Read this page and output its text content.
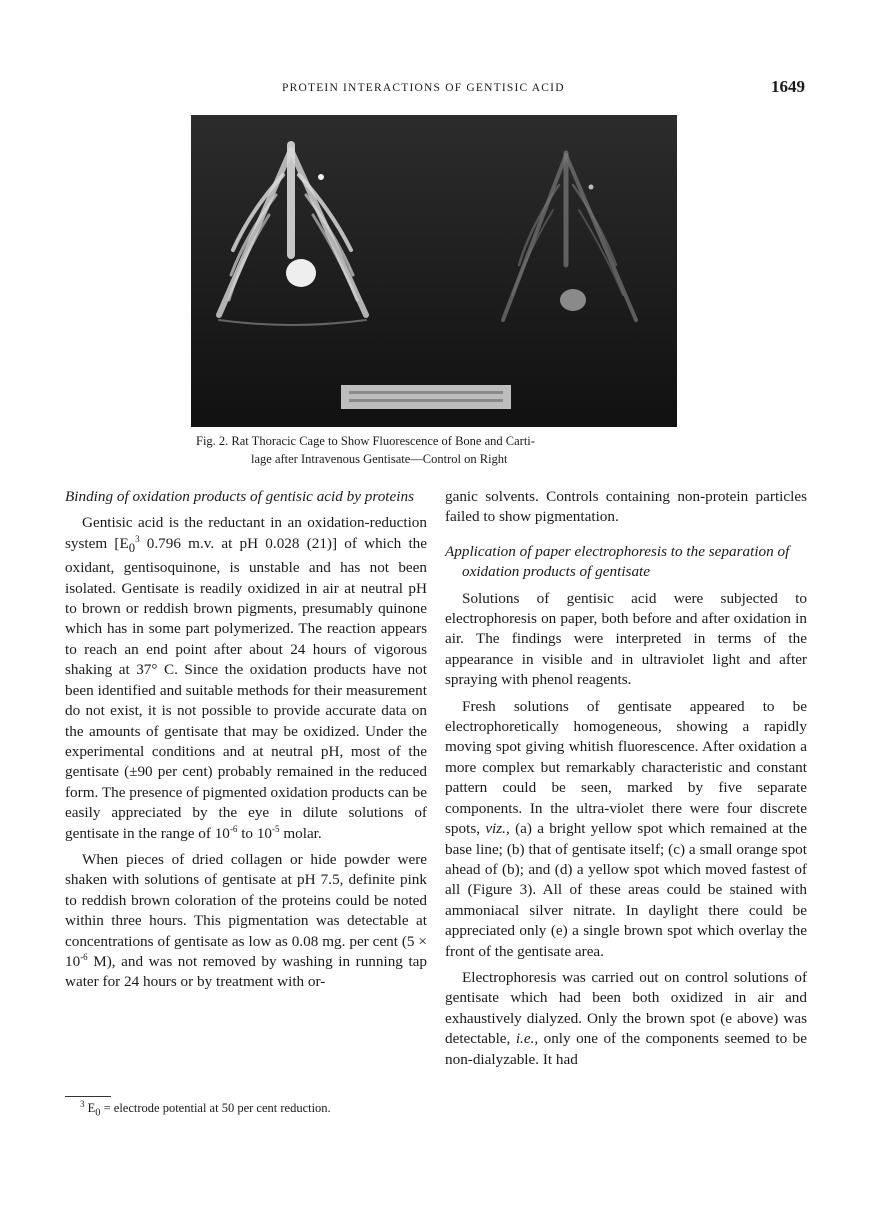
PROTEIN INTERACTIONS OF GENTISIC ACID	1649
Fig. 2. Rat Thoracic Cage to Show Fluorescence of Bone and Carti-
lage after Intravenous Gentisate—Control on Right

Binding of oxidation products of gentisic acid by proteins

Gentisic acid is the reductant in an oxidation-reduction system [$E_0^3$ 0.796 m.v. at pH 0.028 (21)] of which the oxidant, gentisoquinone, is unstable and has not been isolated. Gentisate is readily oxidized in air at neutral pH to brown or reddish brown pigments, presumably quinone which has in some part polymerized. The reaction appears to reach an end point after about 24 hours of vigorous shaking at 37° C. Since the oxidation products have not been identified and suitable methods for their measurement do not exist, it is not possible to provide accurate data on the amounts of gentisate that may be oxidized. Under the experimental conditions and at neutral pH, most of the gentisate (±90 per cent) probably remained in the reduced form. The presence of pigmented oxidation products can be easily appreciated by the eye in dilute solutions of gentisate in the range of $10^{-6}$ to $10^{-5}$ molar.

When pieces of dried collagen or hide powder were shaken with solutions of gentisate at pH 7.5, definite pink to reddish brown coloration of the proteins could be noted within three hours. This pigmentation was detectable at concentrations of gentisate as low as 0.08 mg. per cent ($5 \times 10^{-6}$ M), and was not removed by washing in running tap water for 24 hours or by treatment with or-

$^3$ $E_0$ = electrode potential at 50 per cent reduction.

ganic solvents. Controls containing non-protein particles failed to show pigmentation.

Application of paper electrophoresis to the separation of oxidation products of gentisate

Solutions of gentisic acid were subjected to electrophoresis on paper, both before and after oxidation in air. The findings were interpreted in terms of the appearance in visible and in ultraviolet light and after spraying with phenol reagents.

Fresh solutions of gentisate appeared to be electrophoretically homogeneous, showing a rapidly moving spot giving whitish fluorescence. After oxidation a more complex but remarkably characteristic and constant pattern could be seen, marked by five separate components. In the ultra-violet there were four discrete spots, viz., (a) a bright yellow spot which remained at the base line; (b) that of gentisate itself; (c) a small orange spot ahead of (b); and (d) a yellow spot which moved fastest of all (Figure 3). All of these areas could be stained with ammoniacal silver nitrate. In daylight there could be appreciated only (e) a single brown spot which overlay the front of the gentisate area.

Electrophoresis was carried out on control solutions of gentisate which had been both oxidized in air and exhaustively dialyzed. Only the brown spot (e above) was detectable, i.e., only one of the components seemed to be non-dialyzable. It had
